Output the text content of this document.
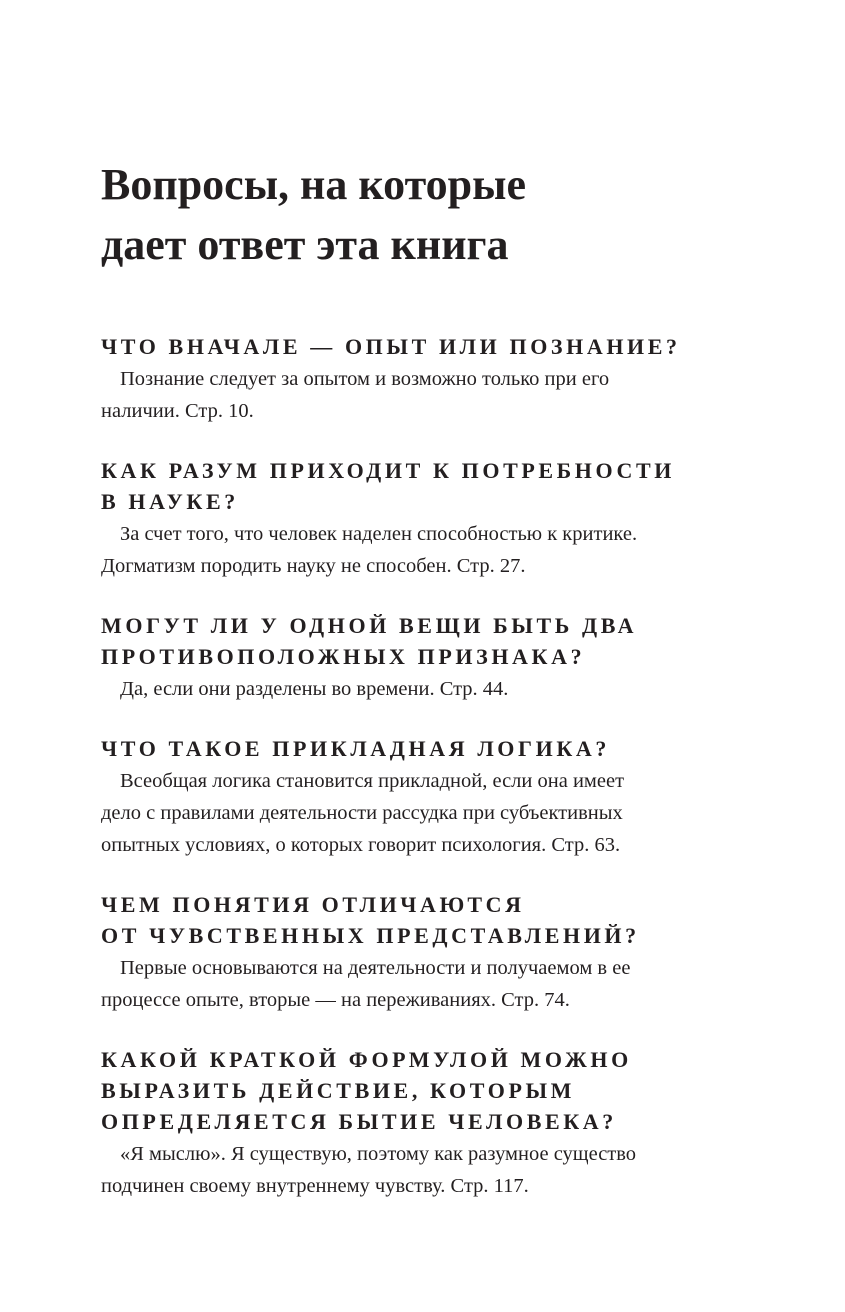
Вопросы, на которые
дает ответ эта книга
ЧТО ВНАЧАЛЕ — ОПЫТ ИЛИ ПОЗНАНИЕ?
Познание следует за опытом и возможно только при его
наличии. Стр. 10.
КАК РАЗУМ ПРИХОДИТ К ПОТРЕБНОСТИ
В НАУКЕ?
За счет того, что человек наделен способностью к критике.
Догматизм породить науку не способен. Стр. 27.
МОГУТ ЛИ У ОДНОЙ ВЕЩИ БЫТЬ ДВА
ПРОТИВОПОЛОЖНЫХ ПРИЗНАКА?
Да, если они разделены во времени. Стр. 44.
ЧТО ТАКОЕ ПРИКЛАДНАЯ ЛОГИКА?
Всеобщая логика становится прикладной, если она имеет
дело с правилами деятельности рассудка при субъективных
опытных условиях, о которых говорит психология. Стр. 63.
ЧЕМ ПОНЯТИЯ ОТЛИЧАЮТСЯ
ОТ ЧУВСТВЕННЫХ ПРЕДСТАВЛЕНИЙ?
Первые основываются на деятельности и получаемом в ее
процессе опыте, вторые — на переживаниях. Стр. 74.
КАКОЙ КРАТКОЙ ФОРМУЛОЙ МОЖНО
ВЫРАЗИТЬ ДЕЙСТВИЕ, КОТОРЫМ
ОПРЕДЕЛЯЕТСЯ БЫТИЕ ЧЕЛОВЕКА?
«Я мыслю». Я существую, поэтому как разумное существо
подчинен своему внутреннему чувству. Стр. 117.
